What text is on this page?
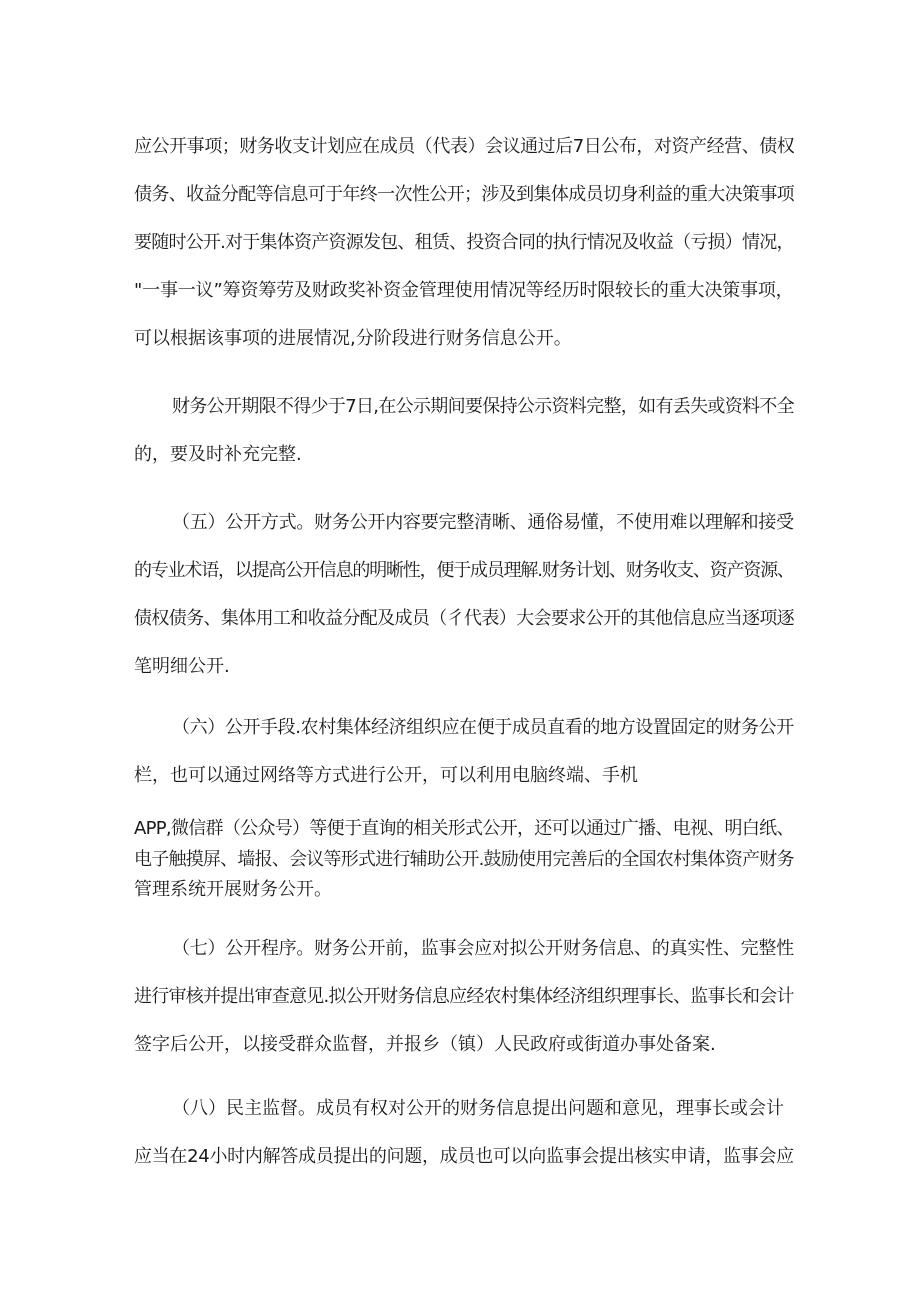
应公开事项；财务收支计划应在成员（代表）会议通过后7日公布，对资产经营、债权
债务、收益分配等信息可于年终一次性公开；涉及到集体成员切身利益的重大决策事项
要随时公开.对于集体资产资源发包、租赁、投资合同的执行情况及收益（亏损）情况，
"一事一议”筹资筹劳及财政奖补资金管理使用情况等经历时限较长的重大决策事项，
可以根据该事项的进展情况,分阶段进行财务信息公开。
财务公开期限不得少于7日,在公示期间要保持公示资料完整，如有丢失或资料不全
的，要及时补充完整.
（五）公开方式。财务公开内容要完整清晰、通俗易懂，不使用难以理解和接受
的专业术语，以提高公开信息的明晰性，便于成员理解.财务计划、财务收支、资产资源、
债权债务、集体用工和收益分配及成员（彳代表）大会要求公开的其他信息应当逐项逐
笔明细公开.
（六）公开手段.农村集体经济组织应在便于成员直看的地方设置固定的财务公开
栏，也可以通过网络等方式进行公开，可以利用电脑终端、手机
APP,微信群（公众号）等便于直询的相关形式公开，还可以通过广播、电视、明白纸、
电子触摸屏、墙报、会议等形式进行辅助公开.鼓励使用完善后的全国农村集体资产财务
管理系统开展财务公开。
（七）公开程序。财务公开前，监事会应对拟公开财务信息、的真实性、完整性
进行审核并提出审查意见.拟公开财务信息应经农村集体经济组织理事长、监事长和会计
签字后公开，以接受群众监督，并报乡（镇）人民政府或街道办事处备案.
（八）民主监督。成员有权对公开的财务信息提出问题和意见，理事长或会计
应当在24小时内解答成员提出的问题，成员也可以向监事会提出核实申请，监事会应
